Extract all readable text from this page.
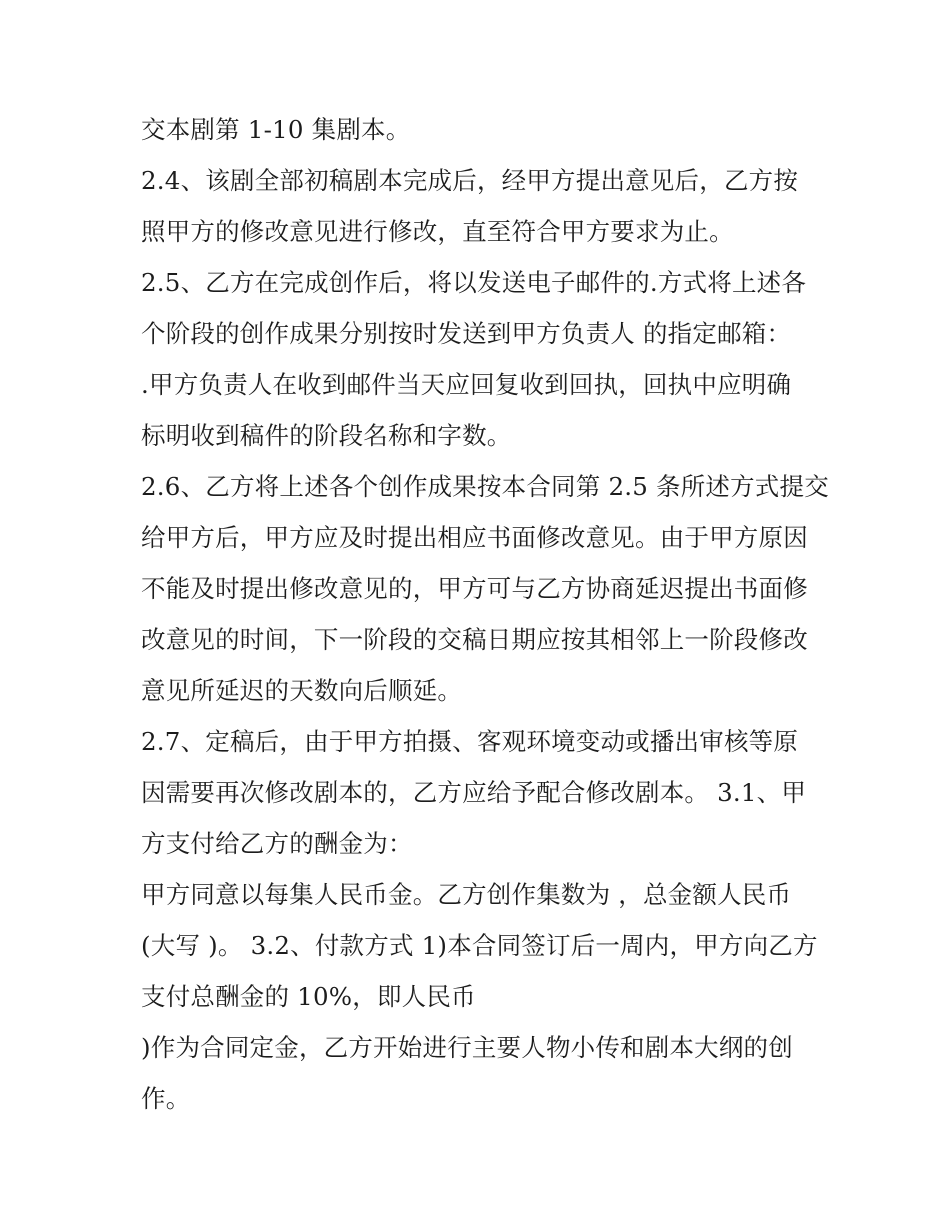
交本剧第 1-10 集剧本。
2.4、该剧全部初稿剧本完成后，经甲方提出意见后，乙方按
照甲方的修改意见进行修改，直至符合甲方要求为止。
2.5、乙方在完成创作后，将以发送电子邮件的.方式将上述各
个阶段的创作成果分别按时发送到甲方负责人 的指定邮箱：
.甲方负责人在收到邮件当天应回复收到回执，回执中应明确
标明收到稿件的阶段名称和字数。
2.6、乙方将上述各个创作成果按本合同第 2.5 条所述方式提交
给甲方后，甲方应及时提出相应书面修改意见。由于甲方原因
不能及时提出修改意见的，甲方可与乙方协商延迟提出书面修
改意见的时间，下一阶段的交稿日期应按其相邻上一阶段修改
意见所延迟的天数向后顺延。
2.7、定稿后，由于甲方拍摄、客观环境变动或播出审核等原
因需要再次修改剧本的，乙方应给予配合修改剧本。 3.1、甲
方支付给乙方的酬金为：
甲方同意以每集人民币金。乙方创作集数为 ，总金额人民币
(大写 )。 3.2、付款方式 1)本合同签订后一周内，甲方向乙方
支付总酬金的 10%，即人民币
)作为合同定金，乙方开始进行主要人物小传和剧本大纲的创
作。
